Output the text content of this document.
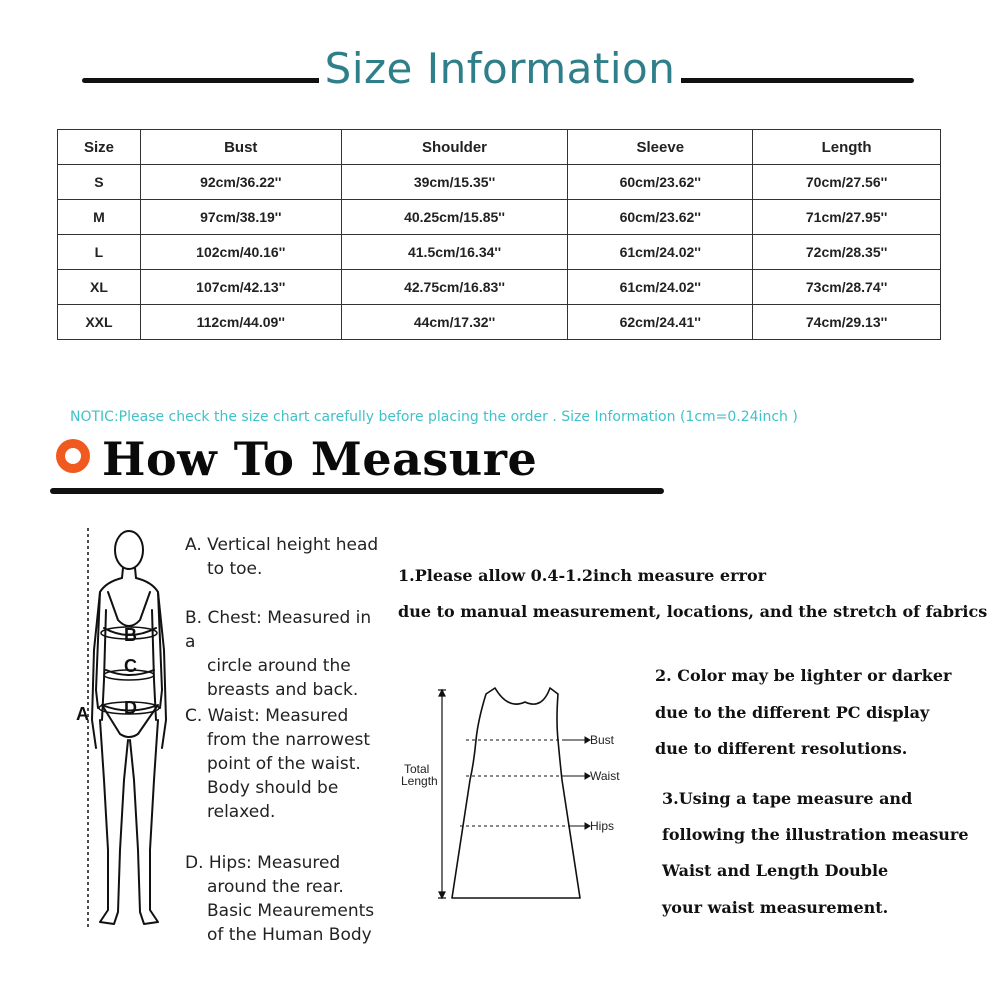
Size Information
Size	Bust	Shoulder	Sleeve	Length
S	92cm/36.22''	39cm/15.35''	60cm/23.62''	70cm/27.56''
M	97cm/38.19''	40.25cm/15.85''	60cm/23.62''	71cm/27.95''
L	102cm/40.16''	41.5cm/16.34''	61cm/24.02''	72cm/28.35''
XL	107cm/42.13''	42.75cm/16.83''	61cm/24.02''	73cm/28.74''
XXL	112cm/44.09''	44cm/17.32''	62cm/24.41''	74cm/29.13''
NOTIC:Please check the size chart carefully before placing the order . Size Information (1cm=0.24inch )
How To Measure
A
B
C
D
A. Vertical height head
to toe.
B. Chest: Measured in a
circle around the
breasts and back.
C. Waist: Measured
from the narrowest
point of the waist.
Body should be
relaxed.
D. Hips: Measured
around the rear.
Basic Meaurements
of the Human Body
1.Please allow 0.4-1.2inch measure error
due to manual measurement, locations, and the stretch of fabrics
2. Color may be lighter or darker
due to the different PC display
due to different resolutions.
3.Using a tape measure and
following the illustration measure
Waist and Length Double
your waist measurement.
Total
Length
Bust
Waist
Hips
